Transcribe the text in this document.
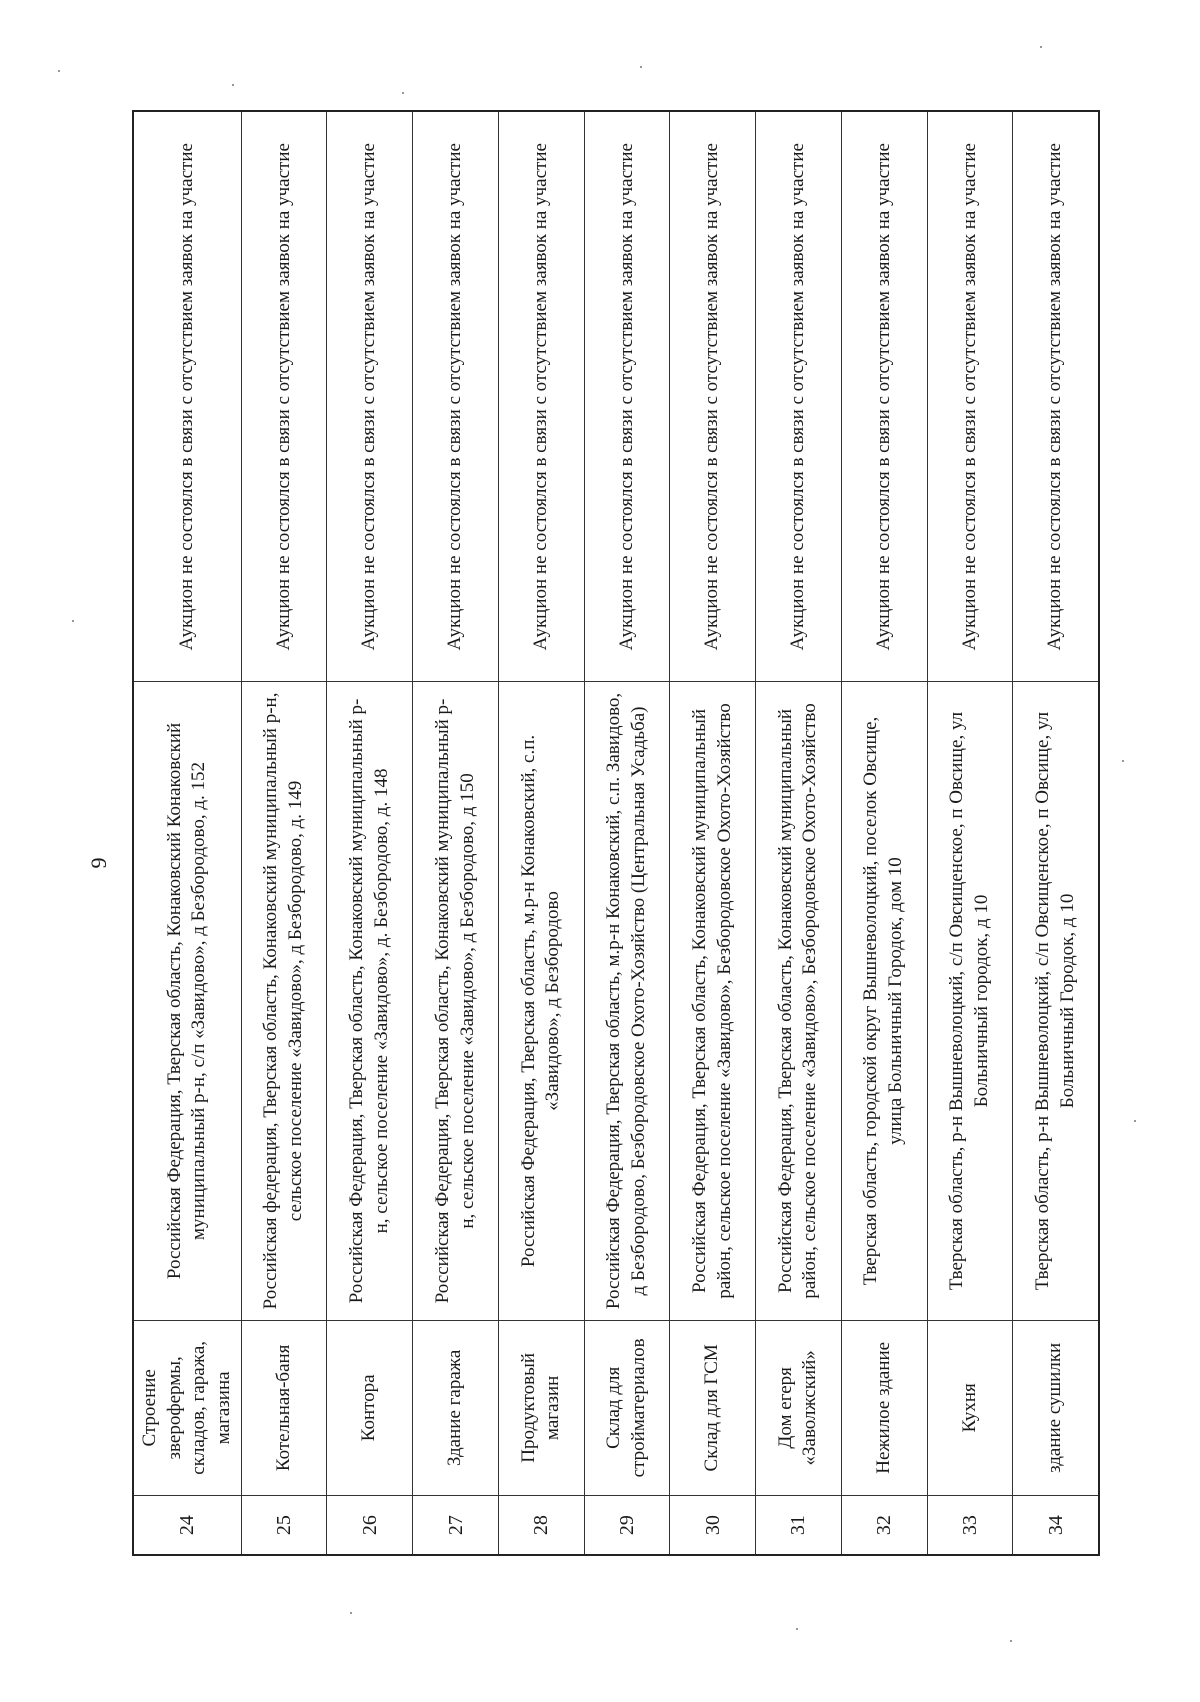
9
24
Строение зверофермы, складов, гаража, магазина
Российская Федерация, Тверская область, Конаковский Конаковский муниципальный р-н, с/п «Завидово», д Безбородово, д. 152
Аукцион не состоялся в связи с отсутствием заявок на участие
25
Котельная-баня
Российская федерация, Тверская область, Конаковский муниципальный р-н, сельское поселение «Завидово», д Безбородово, д. 149
Аукцион не состоялся в связи с отсутствием заявок на участие
26
Контора
Российская Федерация, Тверская область, Конаковский муниципальный р-н, сельское поселение «Завидово», д. Безбородово, д. 148
Аукцион не состоялся в связи с отсутствием заявок на участие
27
Здание гаража
Российская Федерация, Тверская область, Конаковский муниципальный р-н, сельское поселение «Завидово», д Безбородово, д 150
Аукцион не состоялся в связи с отсутствием заявок на участие
28
Продуктовый магазин
Российская Федерация, Тверская область, м.р-н Конаковский, с.п. «Завидово», д Безбородово
Аукцион не состоялся в связи с отсутствием заявок на участие
29
Склад для стройматериалов
Российская Федерация, Тверская область, м.р-н Конаковский, с.п. Завидово, д Безбородово, Безбородовское Охото-Хозяйство (Центральная Усадьба)
Аукцион не состоялся в связи с отсутствием заявок на участие
30
Склад для ГСМ
Российская Федерация, Тверская область, Конаковский муниципальный район, сельское поселение «Завидово», Безбородовское Охото-Хозяйство
Аукцион не состоялся в связи с отсутствием заявок на участие
31
Дом егеря «Заволжский»
Российская Федерация, Тверская область, Конаковский муниципальный район, сельское поселение «Завидово», Безбородовское Охото-Хозяйство
Аукцион не состоялся в связи с отсутствием заявок на участие
32
Нежилое здание
Тверская область, городской округ Вышневолоцкий, поселок Овсище, улица Больничный Городок, дом 10
Аукцион не состоялся в связи с отсутствием заявок на участие
33
Кухня
Тверская область, р-н Вышневолоцкий, с/п Овсищенское, п Овсище, ул Больничный городок, д 10
Аукцион не состоялся в связи с отсутствием заявок на участие
34
здание сушилки
Тверская область, р-н Вышневолоцкий, с/п Овсищенское, п Овсище, ул Больничный Городок, д 10
Аукцион не состоялся в связи с отсутствием заявок на участие
